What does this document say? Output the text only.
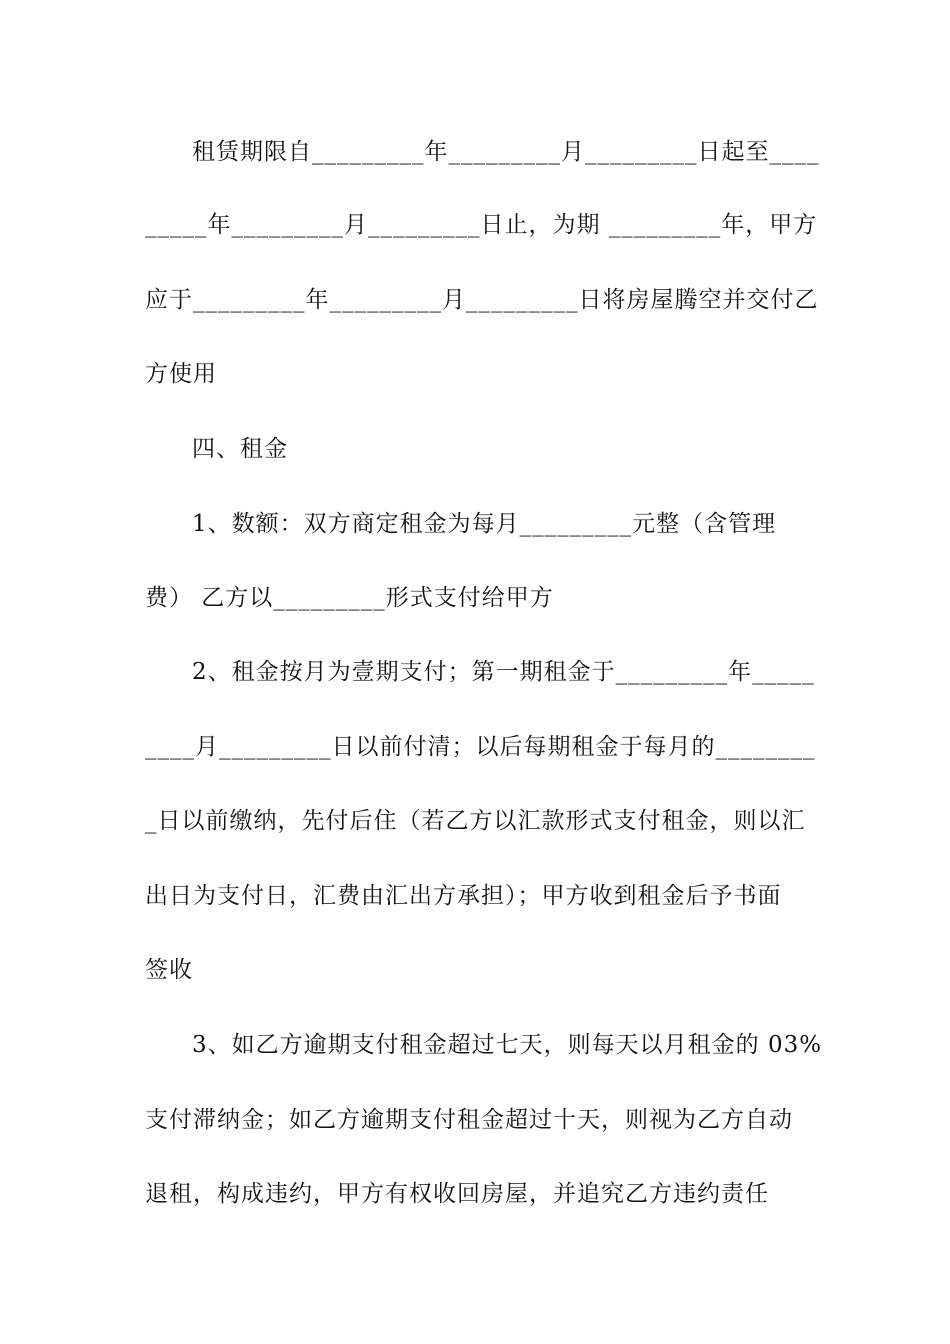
租赁期限自_________年_________月_________日起至____
_____年_________月_________日止，为期 _________年，甲方
应于_________年_________月_________日将房屋腾空并交付乙
方使用
四、租金
1、数额：双方商定租金为每月_________元整（含管理
费） 乙方以_________形式支付给甲方
2、租金按月为壹期支付；第一期租金于_________年_____
____月_________日以前付清；以后每期租金于每月的________
_日以前缴纳，先付后住（若乙方以汇款形式支付租金，则以汇
出日为支付日，汇费由汇出方承担）；甲方收到租金后予书面
签收
3、如乙方逾期支付租金超过七天，则每天以月租金的 03%
支付滞纳金；如乙方逾期支付租金超过十天，则视为乙方自动
退租，构成违约，甲方有权收回房屋，并追究乙方违约责任
